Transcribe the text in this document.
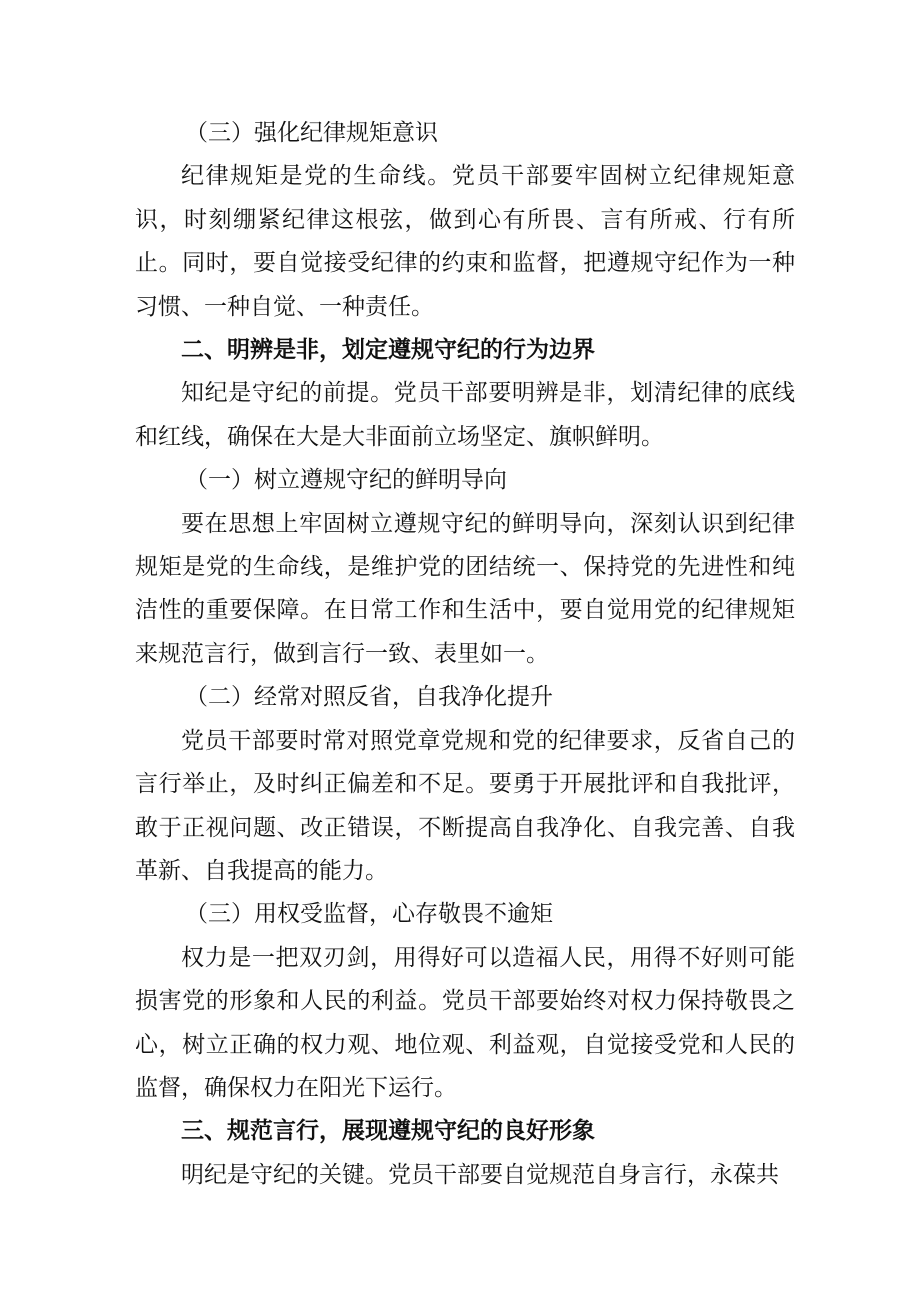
（三）强化纪律规矩意识

纪律规矩是党的生命线。党员干部要牢固树立纪律规矩意识，时刻绷紧纪律这根弦，做到心有所畏、言有所戒、行有所止。同时，要自觉接受纪律的约束和监督，把遵规守纪作为一种习惯、一种自觉、一种责任。

二、明辨是非，划定遵规守纪的行为边界

知纪是守纪的前提。党员干部要明辨是非，划清纪律的底线和红线，确保在大是大非面前立场坚定、旗帜鲜明。

（一）树立遵规守纪的鲜明导向

要在思想上牢固树立遵规守纪的鲜明导向，深刻认识到纪律规矩是党的生命线，是维护党的团结统一、保持党的先进性和纯洁性的重要保障。在日常工作和生活中，要自觉用党的纪律规矩来规范言行，做到言行一致、表里如一。

（二）经常对照反省，自我净化提升

党员干部要时常对照党章党规和党的纪律要求，反省自己的言行举止，及时纠正偏差和不足。要勇于开展批评和自我批评，敢于正视问题、改正错误，不断提高自我净化、自我完善、自我革新、自我提高的能力。

（三）用权受监督，心存敬畏不逾矩

权力是一把双刃剑，用得好可以造福人民，用得不好则可能损害党的形象和人民的利益。党员干部要始终对权力保持敬畏之心，树立正确的权力观、地位观、利益观，自觉接受党和人民的监督，确保权力在阳光下运行。

三、规范言行，展现遵规守纪的良好形象

明纪是守纪的关键。党员干部要自觉规范自身言行，永葆共
